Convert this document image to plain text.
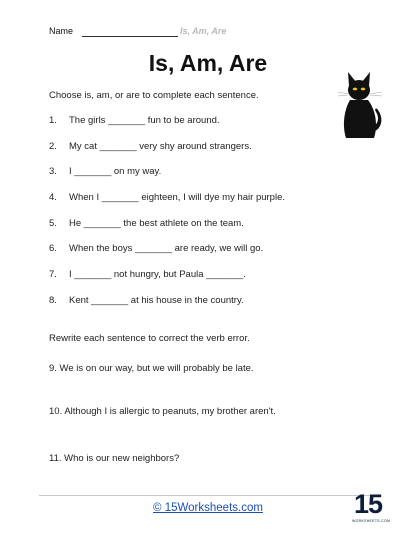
Name	Is, Am, Are
Is, Am, Are
Choose is, am, or are to complete each sentence.
1. The girls _______ fun to be around.
2. My cat _______ very shy around strangers.
3. I _______ on my way.
4. When I _______ eighteen, I will dye my hair purple.
5. He _______ the best athlete on the team.
6. When the boys _______ are ready, we will go.
7. I _______ not hungry, but Paula _______.
8. Kent _______ at his house in the country.
Rewrite each sentence to correct the verb error.
9. We is on our way, but we will probably be late.
10. Although I is allergic to peanuts, my brother aren't.
11. Who is our new neighbors?
© 15Worksheets.com	15
WORKSHEETS.COM
